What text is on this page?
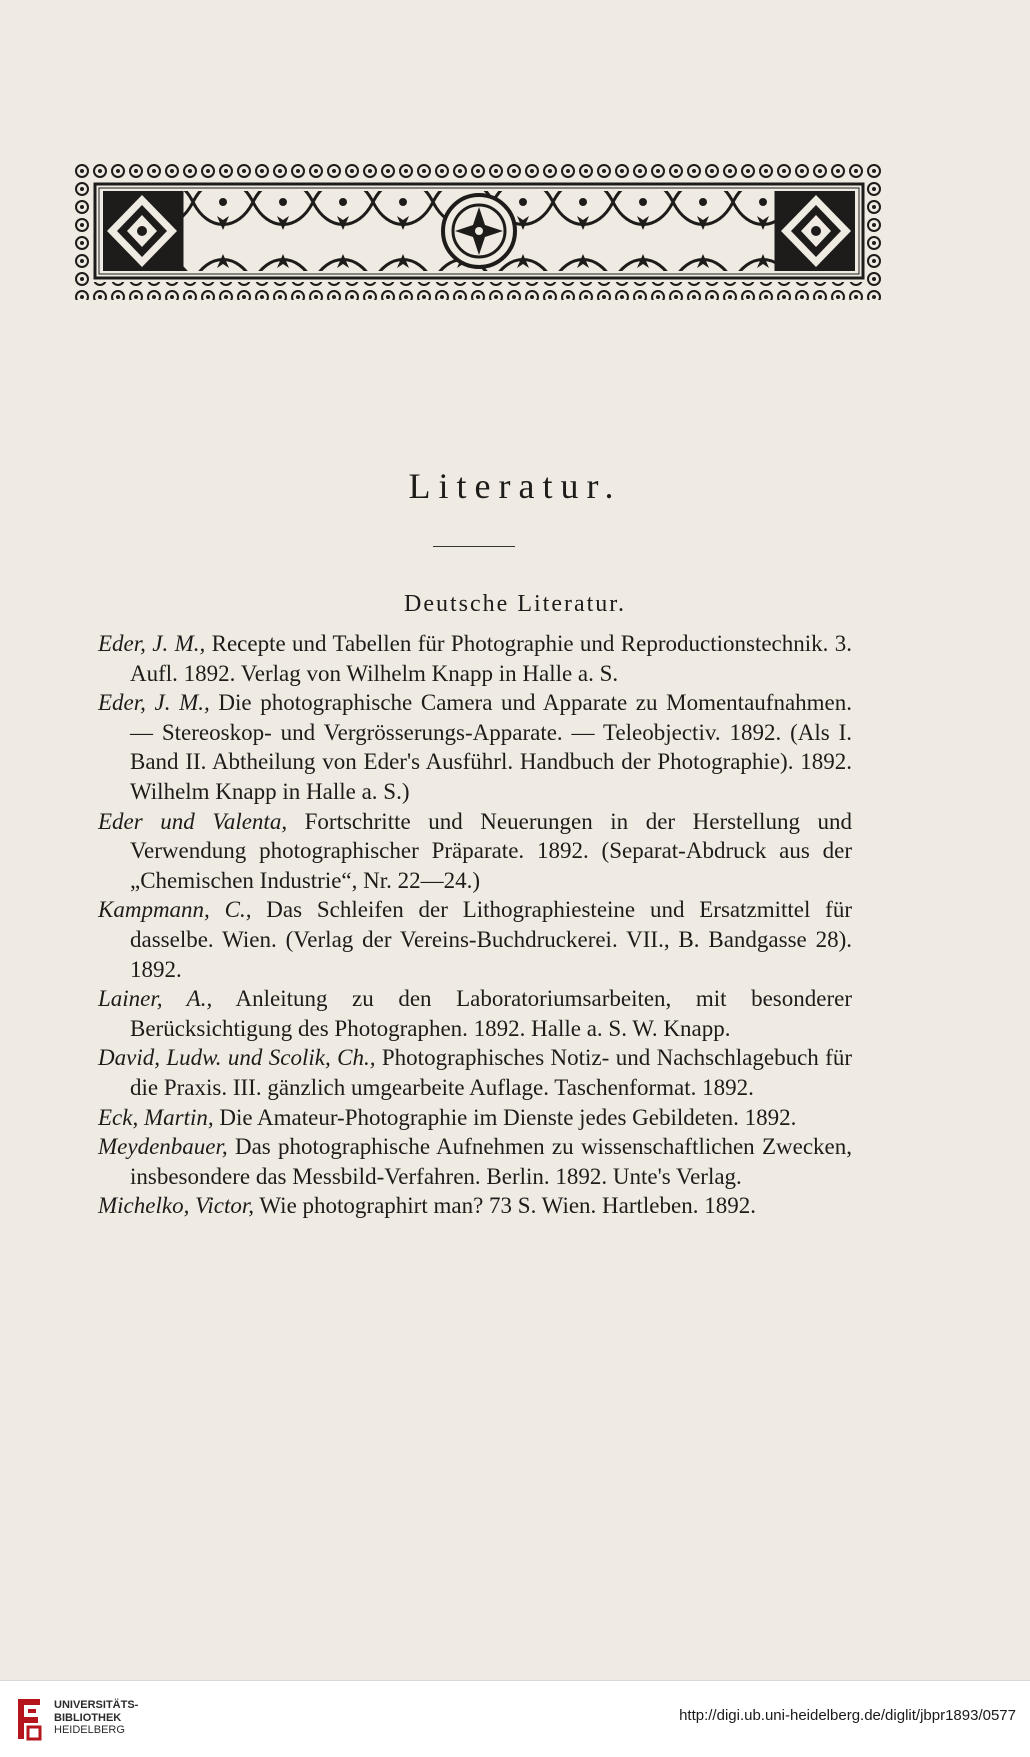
Literatur.
Deutsche Literatur.

Eder, J. M., Recepte und Tabellen für Photographie und Reproductionstechnik. 3. Aufl. 1892. Verlag von Wilhelm Knapp in Halle a. S.

Eder, J. M., Die photographische Camera und Apparate zu Momentaufnahmen. — Stereoskop- und Vergrösserungs-Apparate. — Teleobjectiv. 1892. (Als I. Band II. Abtheilung von Eder's Ausführl. Handbuch der Photographie). 1892. Wilhelm Knapp in Halle a. S.)

Eder und Valenta, Fortschritte und Neuerungen in der Herstellung und Verwendung photographischer Präparate. 1892. (Separat-Abdruck aus der „Chemischen Industrie“, Nr. 22—24.)

Kampmann, C., Das Schleifen der Lithographiesteine und Ersatzmittel für dasselbe. Wien. (Verlag der Vereins-Buchdruckerei. VII., B. Bandgasse 28). 1892.

Lainer, A., Anleitung zu den Laboratoriumsarbeiten, mit besonderer Berücksichtigung des Photographen. 1892. Halle a. S. W. Knapp.

David, Ludw. und Scolik, Ch., Photographisches Notiz- und Nachschlagebuch für die Praxis. III. gänzlich umgearbeite Auflage. Taschenformat. 1892.

Eck, Martin, Die Amateur-Photographie im Dienste jedes Gebildeten. 1892.

Meydenbauer, Das photographische Aufnehmen zu wissenschaftlichen Zwecken, insbesondere das Messbild-Verfahren. Berlin. 1892. Unte's Verlag.

Michelko, Victor, Wie photographirt man? 73 S. Wien. Hartleben. 1892.

UNIVERSITÄTS-
BIBLIOTHEK
HEIDELBERG
http://digi.ub.uni-heidelberg.de/diglit/jbpr1893/0577
